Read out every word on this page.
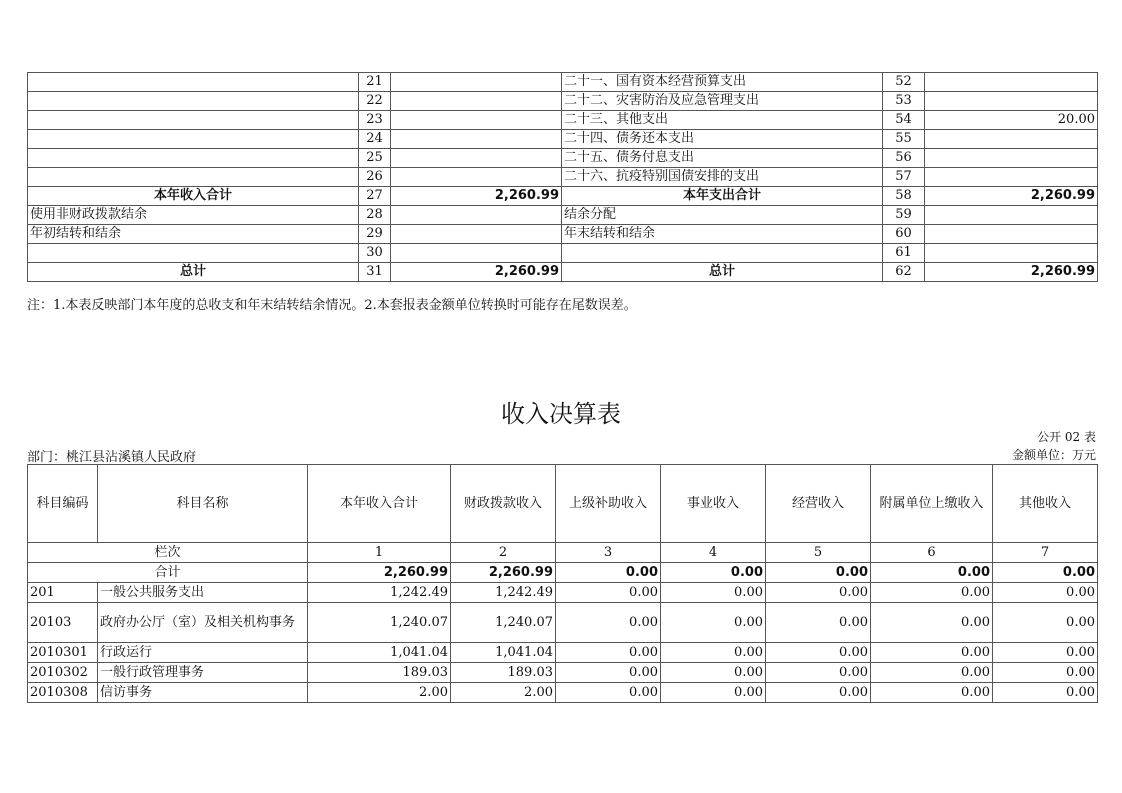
	21		二十一、国有资本经营预算支出	52	
	22		二十二、灾害防治及应急管理支出	53	
	23		二十三、其他支出	54	20.00
	24		二十四、债务还本支出	55	
	25		二十五、债务付息支出	56	
	26		二十六、抗疫特别国债安排的支出	57	
本年收入合计	27	2,260.99	本年支出合计	58	2,260.99
使用非财政拨款结余	28		结余分配	59	
年初结转和结余	29		年末结转和结余	60	
	30			61	
总计	31	2,260.99	总计	62	2,260.99
注：1.本表反映部门本年度的总收支和年末结转结余情况。2.本套报表金额单位转换时可能存在尾数误差。
收入决算表
公开 02 表
部门：桃江县沾溪镇人民政府	金额单位：万元
科目编码	科目名称	本年收入合计	财政拨款收入	上级补助收入	事业收入	经营收入	附属单位上缴收入	其他收入
栏次		1	2	3	4	5	6	7
合计		2,260.99	2,260.99	0.00	0.00	0.00	0.00	0.00
201	一般公共服务支出	1,242.49	1,242.49	0.00	0.00	0.00	0.00	0.00
20103	政府办公厅（室）及相关机构事务	1,240.07	1,240.07	0.00	0.00	0.00	0.00	0.00
2010301	行政运行	1,041.04	1,041.04	0.00	0.00	0.00	0.00	0.00
2010302	一般行政管理事务	189.03	189.03	0.00	0.00	0.00	0.00	0.00
2010308	信访事务	2.00	2.00	0.00	0.00	0.00	0.00	0.00
